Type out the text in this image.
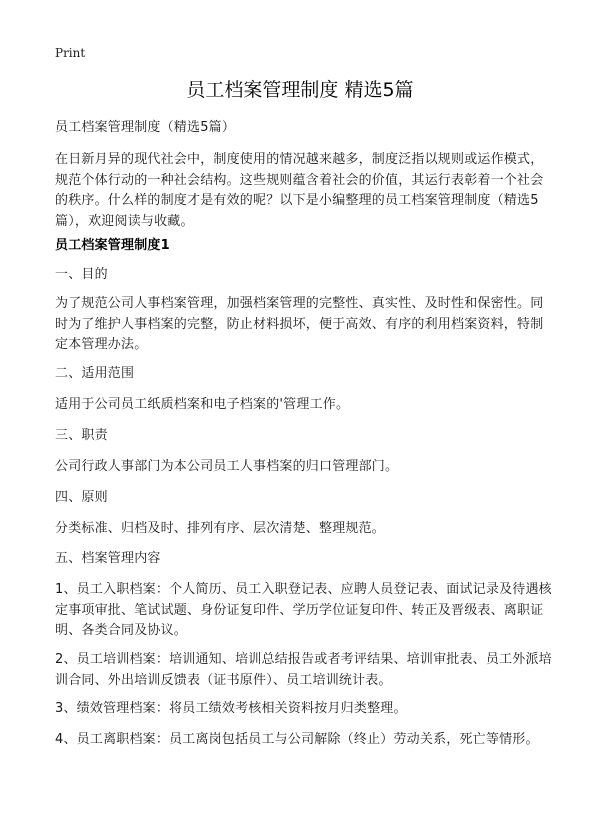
Print
员工档案管理制度 精选5篇
员工档案管理制度（精选5篇）
在日新月异的现代社会中，制度使用的情况越来越多，制度泛指以规则或运作模式，规范个体行动的一种社会结构。这些规则蕴含着社会的价值，其运行表彰着一个社会的秩序。什么样的制度才是有效的呢？以下是小编整理的员工档案管理制度（精选5篇），欢迎阅读与收藏。
员工档案管理制度1
一、目的
为了规范公司人事档案管理，加强档案管理的完整性、真实性、及时性和保密性。同时为了维护人事档案的完整，防止材料损坏，便于高效、有序的利用档案资料，特制定本管理办法。
二、适用范围
适用于公司员工纸质档案和电子档案的'管理工作。
三、职责
公司行政人事部门为本公司员工人事档案的归口管理部门。
四、原则
分类标准、归档及时、排列有序、层次清楚、整理规范。
五、档案管理内容
1、员工入职档案：个人简历、员工入职登记表、应聘人员登记表、面试记录及待遇核定事项审批、笔试试题、身份证复印件、学历学位证复印件、转正及晋级表、离职证明、各类合同及协议。
2、员工培训档案：培训通知、培训总结报告或者考评结果、培训审批表、员工外派培训合同、外出培训反馈表（证书原件）、员工培训统计表。
3、绩效管理档案：将员工绩效考核相关资料按月归类整理。
4、员工离职档案：员工离岗包括员工与公司解除（终止）劳动关系，死亡等情形。
